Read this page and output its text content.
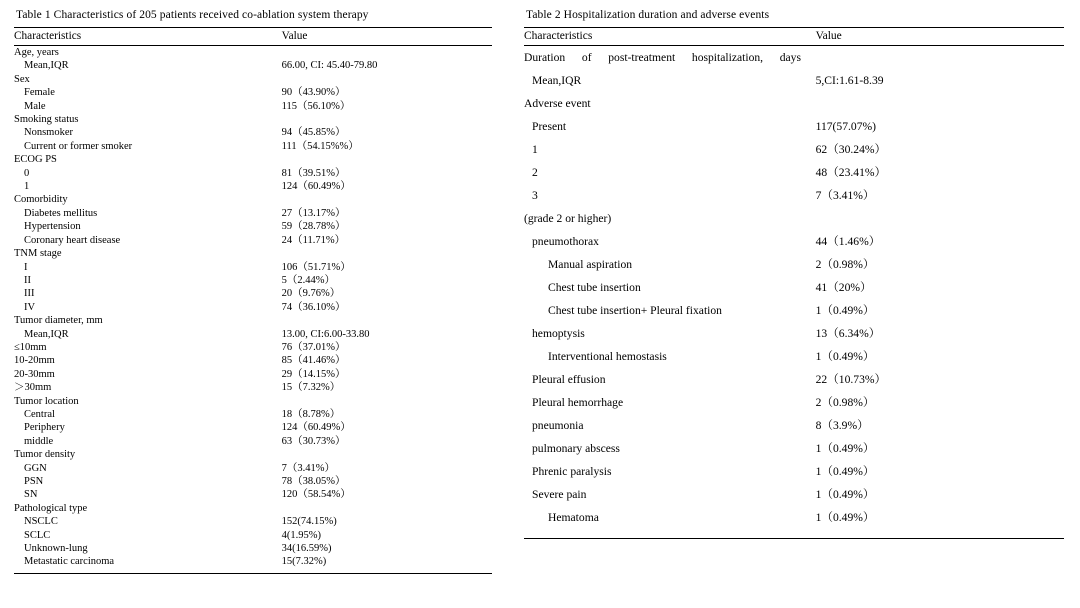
Table 1 Characteristics of 205 patients received co-ablation system therapy
Characteristics	Value
Age, years	
Mean,IQR	66.00, CI: 45.40-79.80
Sex	
Female	90（43.90%）
Male	115（56.10%）
Smoking status	
Nonsmoker	94（45.85%）
Current or former smoker	111（54.15%%）
ECOG PS	
0	81（39.51%）
1	124（60.49%）
Comorbidity	
Diabetes mellitus	27（13.17%）
Hypertension	59（28.78%）
Coronary heart disease	24（11.71%）
TNM stage	
I	106（51.71%）
II	5（2.44%）
III	20（9.76%）
IV	74（36.10%）
Tumor diameter, mm	
Mean,IQR	13.00, CI:6.00-33.80
≤10mm	76（37.01%）
10-20mm	85（41.46%）
20-30mm	29（14.15%）
＞30mm	15（7.32%）
Tumor location	
Central	18（8.78%）
Periphery	124（60.49%）
middle	63（30.73%）
Tumor density	
GGN	7（3.41%）
PSN	78（38.05%）
SN	120（58.54%）
Pathological type	
NSCLC	152(74.15%)
SCLC	4(1.95%)
Unknown-lung	34(16.59%)
Metastatic carcinoma	15(7.32%)

Table 2 Hospitalization duration and adverse events
Characteristics	Value

Duration of post-treatment hospitalization, days	

Mean,IQR	5,CI:1.61-8.39
Adverse event	
Present	117(57.07%)
1	62（30.24%）
2	48（23.41%）
3	7（3.41%）
(grade 2 or higher)	
pneumothorax	44（1.46%）
Manual aspiration	2（0.98%）
Chest tube insertion	41（20%）
Chest tube insertion+ Pleural fixation	1（0.49%）
hemoptysis	13（6.34%）
Interventional hemostasis	1（0.49%）
Pleural effusion	22（10.73%）
Pleural hemorrhage	2（0.98%）
pneumonia	8（3.9%）
pulmonary abscess	1（0.49%）
Phrenic paralysis	1（0.49%）
Severe pain	1（0.49%）
Hematoma	1（0.49%）
